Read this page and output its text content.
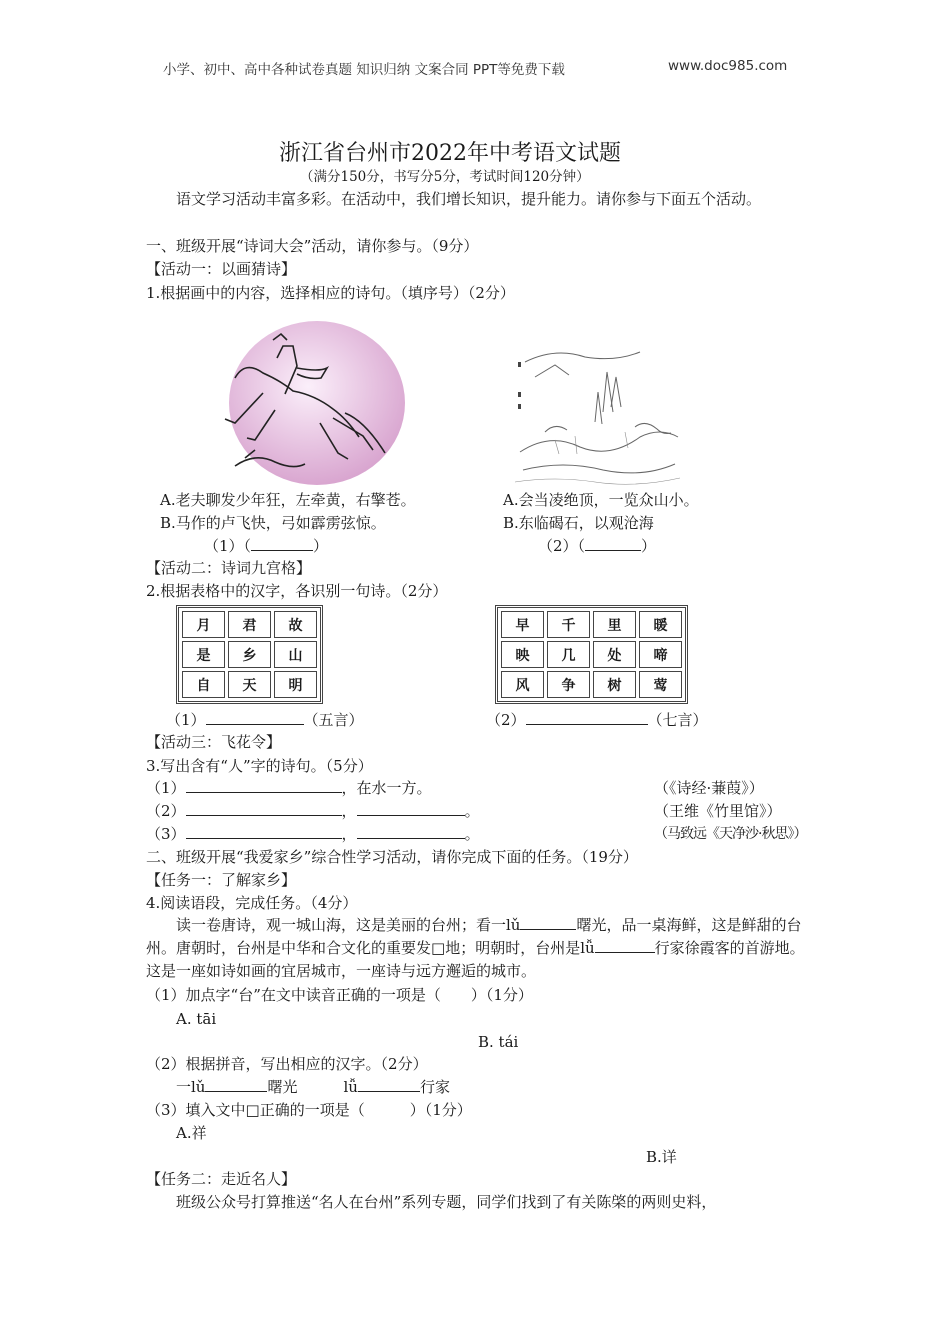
小学、初中、高中各种试卷真题 知识归纳 文案合同 PPT等免费下载	www.doc985.com
浙江省台州市2022年中考语文试题
（满分150分，书写分5分，考试时间120分钟）
语文学习活动丰富多彩。在活动中，我们增长知识，提升能力。请你参与下面五个活动。
一、班级开展“诗词大会”活动，请你参与。（9分）
【活动一：以画猜诗】
1.根据画中的内容，选择相应的诗句。（填序号）（2分）
A.老夫聊发少年狂，左牵黄，右擎苍。
B.马作的卢飞快，弓如霹雳弦惊。
（1）（	）
A.会当凌绝顶，一览众山小。
B.东临碣石，以观沧海
（2）（	）
【活动二：诗词九宫格】
2.根据表格中的汉字，各识别一句诗。（2分）
月	君	故
是	乡	山
自	天	明
早	千	里	暖
映	几	处	啼
风	争	树	莺
（1）	（五言）	（2）	（七言）
【活动三：飞花令】
3.写出含有“人”字的诗句。（5分）
（1）	，在水一方。	（《诗经·蒹葭》）
（2）	，	。	（王维《竹里馆》）
（3）	，	。	（马致远《天净沙·秋思》）
二、班级开展“我爱家乡”综合性学习活动，请你完成下面的任务。（19分）
【任务一：了解家乡】
4.阅读语段，完成任务。（4分）
读一卷唐诗，观一城山海，这是美丽的台州；看一lǔ	曙光，品一桌海鲜，这是鲜甜的台州。唐朝时，台州是中华和合文化的重要发□地；明朝时，台州是lǚ	行家徐霞客的首游地。这是一座如诗如画的宜居城市，一座诗与远方邂逅的城市。
（1）加点字“台”在文中读音正确的一项是（　　）（1分）
A. tāi
B. tái
（2）根据拼音，写出相应的汉字。（2分）
一lǔ	曙光	lǚ	行家
（3）填入文中□正确的一项是（　　　）（1分）
A.祥
B.详
【任务二：走近名人】
班级公众号打算推送“名人在台州”系列专题，同学们找到了有关陈棨的两则史料，
